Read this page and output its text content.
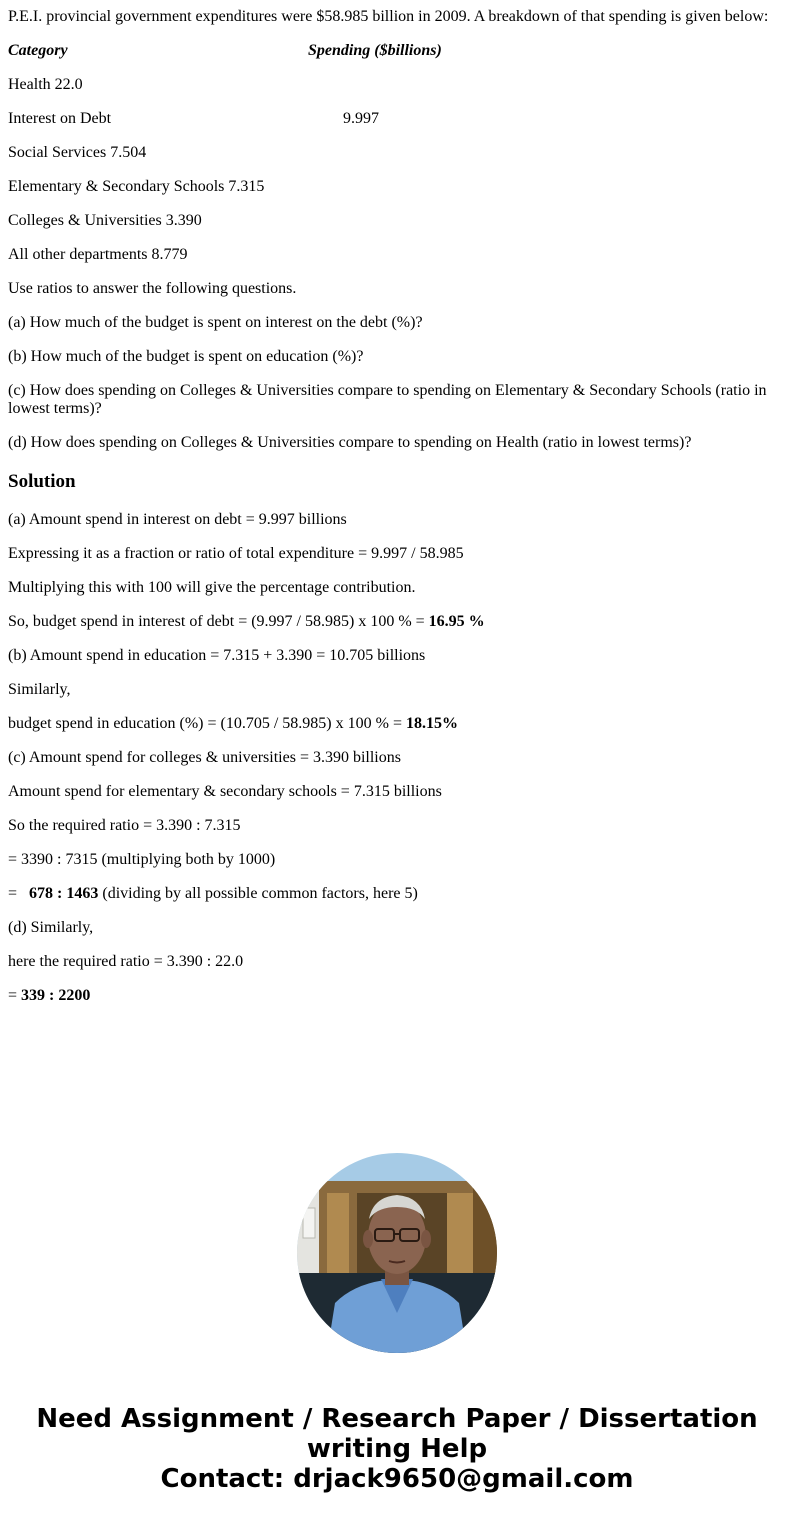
P.E.I. provincial government expenditures were $58.985 billion in 2009. A breakdown of that spending is given below:
Category	Spending ($billions)
Health 22.0
Interest on Debt	9.997
Social Services 7.504
Elementary & Secondary Schools 7.315
Colleges & Universities 3.390
All other departments 8.779
Use ratios to answer the following questions.
(a) How much of the budget is spent on interest on the debt (%)?
(b) How much of the budget is spent on education (%)?
(c) How does spending on Colleges & Universities compare to spending on Elementary & Secondary Schools (ratio in lowest terms)?
(d) How does spending on Colleges & Universities compare to spending on Health (ratio in lowest terms)?
Solution
(a) Amount spend in interest on debt = 9.997 billions
Expressing it as a fraction or ratio of total expenditure = 9.997 / 58.985
Multiplying this with 100 will give the percentage contribution.
So, budget spend in interest of debt = (9.997 / 58.985) x 100 % = 16.95 %
(b) Amount spend in education = 7.315 + 3.390 = 10.705 billions
Similarly,
budget spend in education (%) = (10.705 / 58.985) x 100 % = 18.15%
(c) Amount spend for colleges & universities = 3.390 billions
Amount spend for elementary & secondary schools = 7.315 billions
So the required ratio = 3.390 : 7.315
= 3390 : 7315 (multiplying both by 1000)
=   678 : 1463 (dividing by all possible common factors, here 5)
(d) Similarly,
here the required ratio = 3.390 : 22.0
= 339 : 2200
Need Assignment / Research Paper / Dissertation
writing Help
Contact: drjack9650@gmail.com
